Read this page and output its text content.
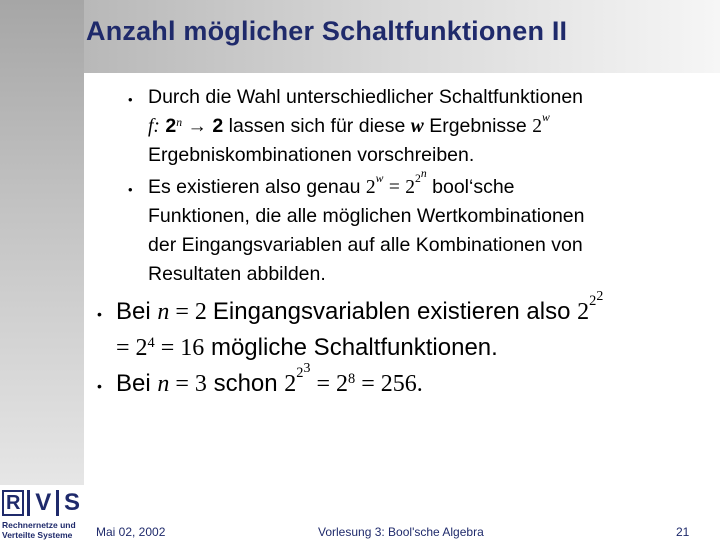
Anzahl möglicher Schaltfunktionen II
• Durch die Wahl unterschiedlicher Schaltfunktionen
f: $2^n \to 2$ lassen sich für diese w Ergebnisse 2$^w$
Ergebniskombinationen vorschreiben.
• Es existieren also genau $2^w = 2^{2n}$ bool‘sche
Funktionen, die alle möglichen Wertkombinationen
der Eingangsvariablen auf alle Kombinationen von
Resultaten abbilden.
• Bei n = 2 Eingangsvariablen existieren also $2^{22}$
= $2^4 = 16$ mögliche Schaltfunktionen.
• Bei n = 3 schon $2^{23} = 2^8 = 256$.
R V S
Rechnernetze und
Verteilte Systeme	Mai 02, 2002	Vorlesung 3: Bool'sche Algebra	21
